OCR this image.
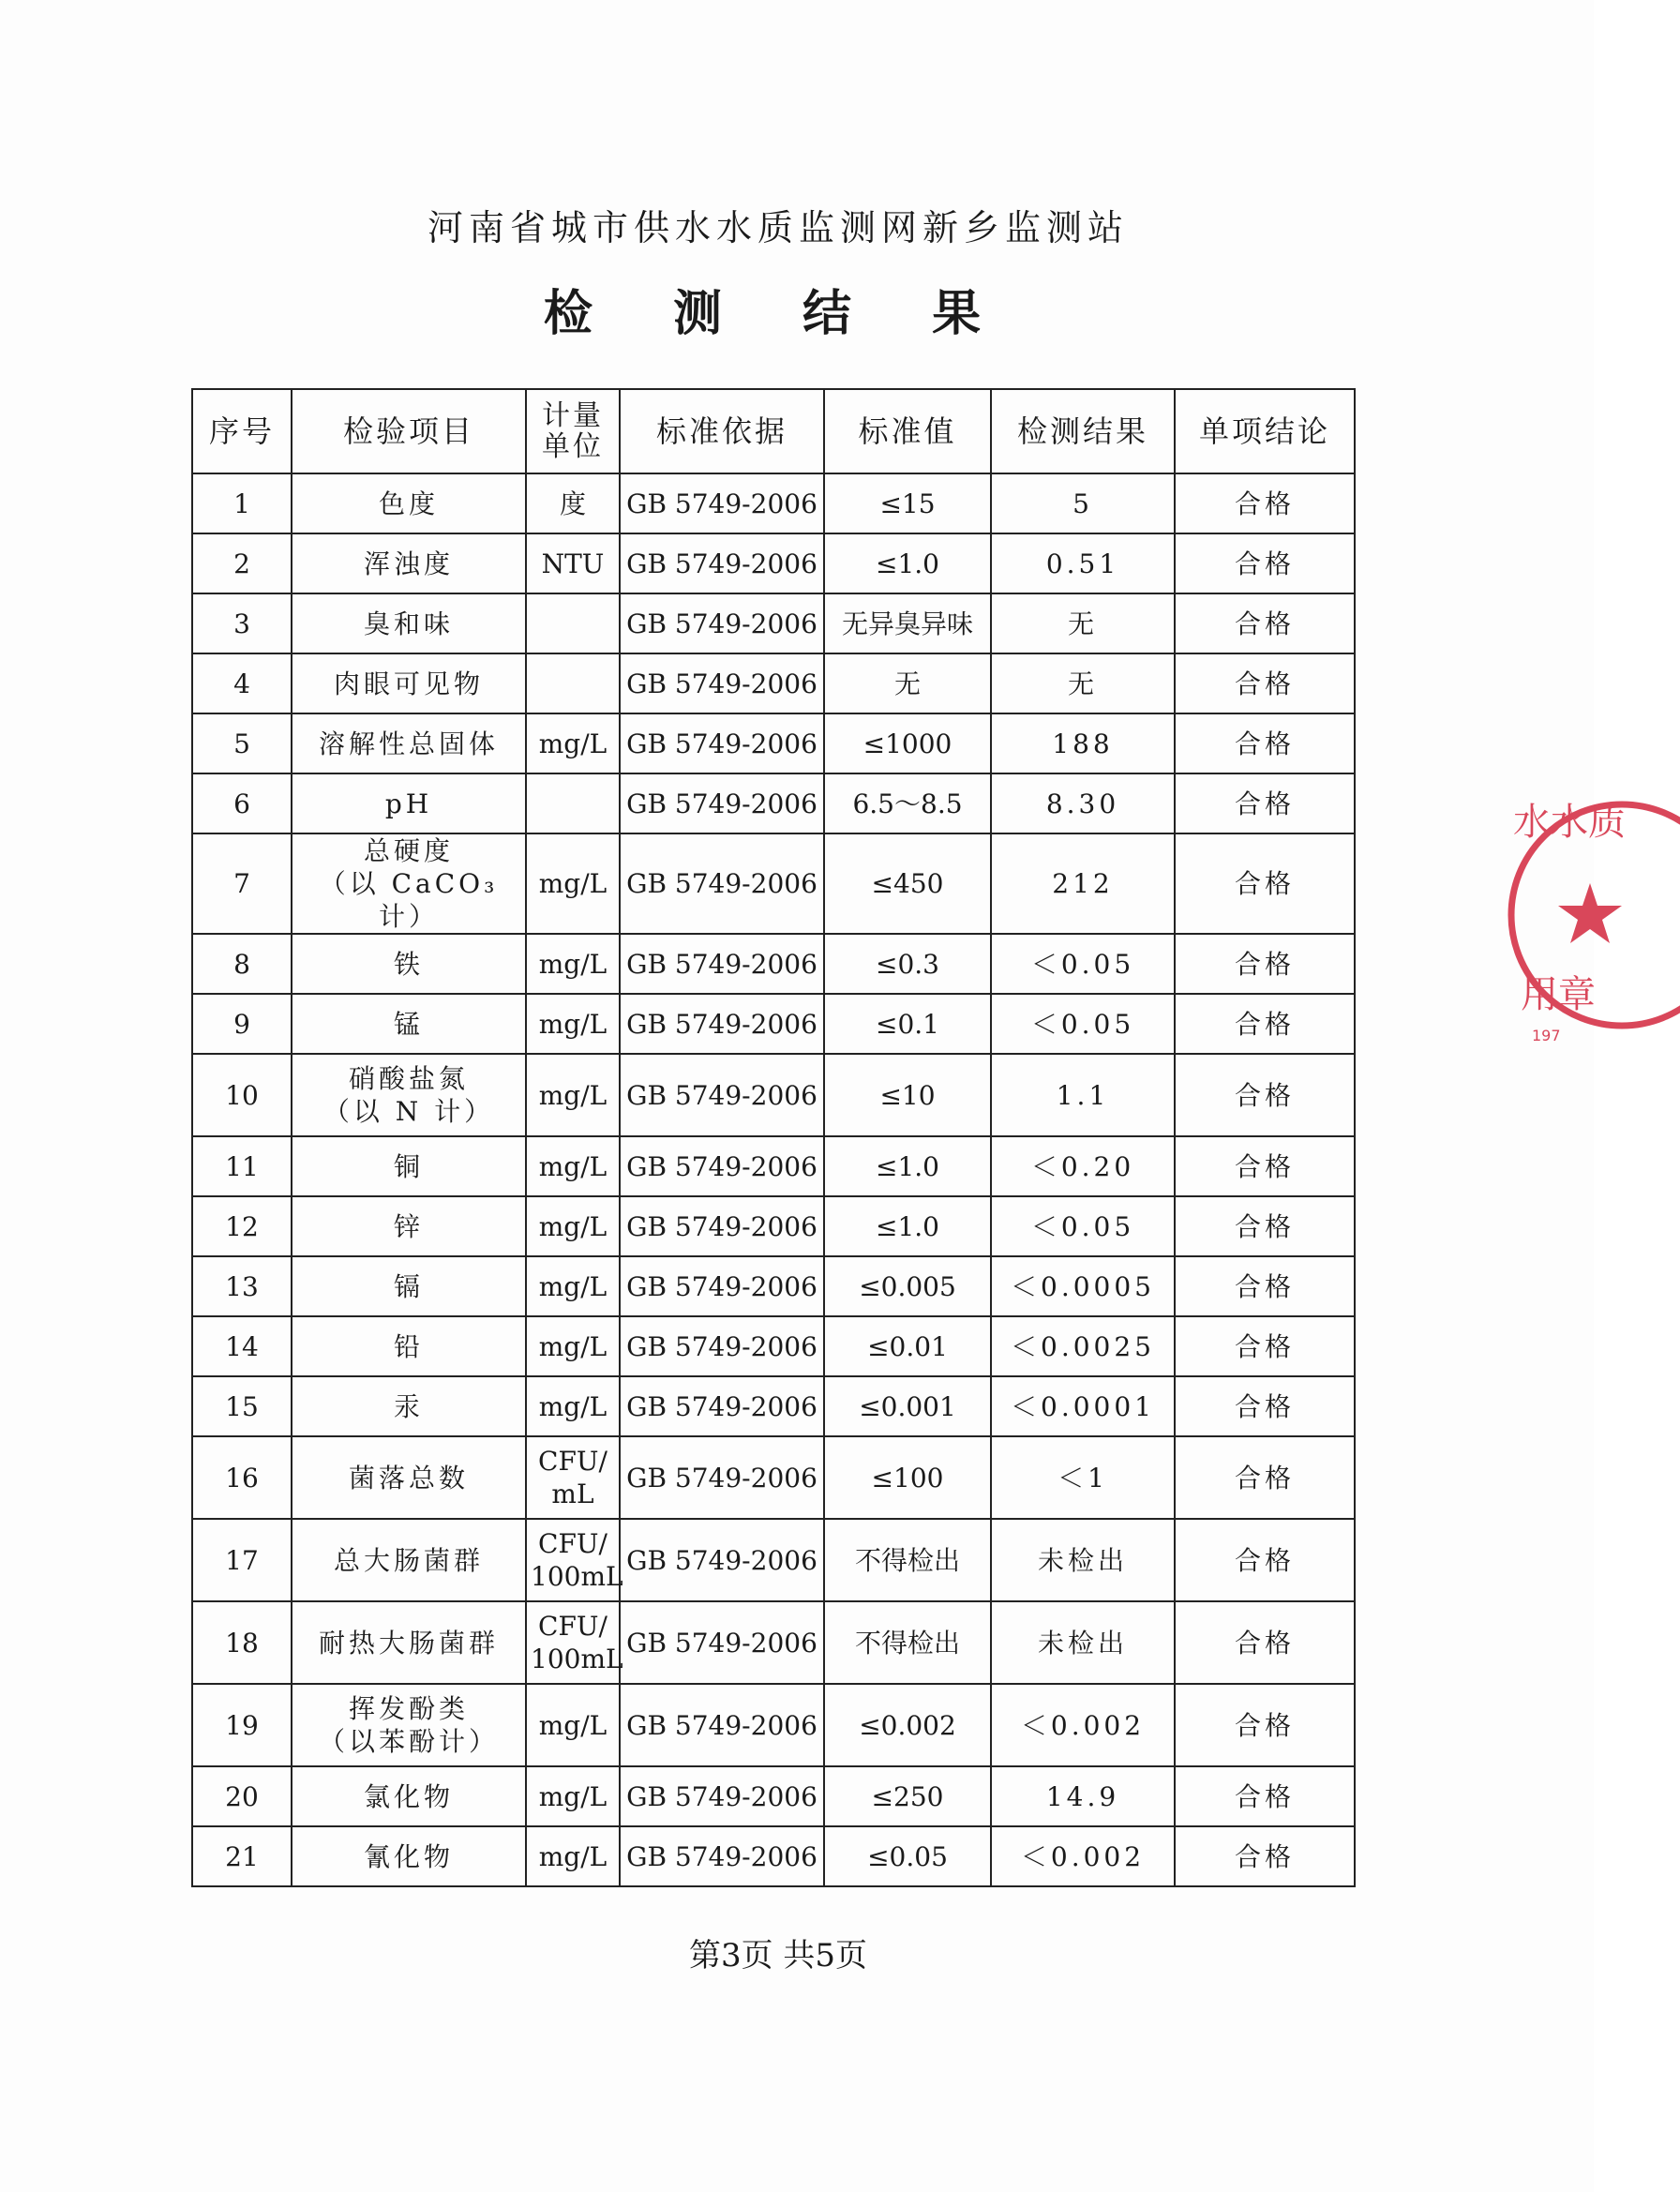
河南省城市供水水质监测网新乡监测站
检 测 结 果
序号	检验项目	计量单位	标准依据	标准值	检测结果	单项结论
1	色度	度	GB 5749-2006	≤15	5	合格
2	浑浊度	NTU	GB 5749-2006	≤1.0	0.51	合格
3	臭和味		GB 5749-2006	无异臭异味	无	合格
4	肉眼可见物		GB 5749-2006	无	无	合格
5	溶解性总固体	mg/L	GB 5749-2006	≤1000	188	合格
6	pH		GB 5749-2006	6.5～8.5	8.30	合格
7	总硬度
（以 CaCO₃ 计）	mg/L	GB 5749-2006	≤450	212	合格
8	铁	mg/L	GB 5749-2006	≤0.3	＜0.05	合格
9	锰	mg/L	GB 5749-2006	≤0.1	＜0.05	合格
10	硝酸盐氮
（以 N 计）	mg/L	GB 5749-2006	≤10	1.1	合格
11	铜	mg/L	GB 5749-2006	≤1.0	＜0.20	合格
12	锌	mg/L	GB 5749-2006	≤1.0	＜0.05	合格
13	镉	mg/L	GB 5749-2006	≤0.005	＜0.0005	合格
14	铅	mg/L	GB 5749-2006	≤0.01	＜0.0025	合格
15	汞	mg/L	GB 5749-2006	≤0.001	＜0.0001	合格
16	菌落总数	CFU/
mL	GB 5749-2006	≤100	＜1	合格
17	总大肠菌群	CFU/
100mL	GB 5749-2006	不得检出	未检出	合格
18	耐热大肠菌群	CFU/
100mL	GB 5749-2006	不得检出	未检出	合格
19	挥发酚类
（以苯酚计）	mg/L	GB 5749-2006	≤0.002	＜0.002	合格
20	氯化物	mg/L	GB 5749-2006	≤250	14.9	合格
21	氰化物	mg/L	GB 5749-2006	≤0.05	＜0.002	合格
第3页 共5页
水水质
用章
197
